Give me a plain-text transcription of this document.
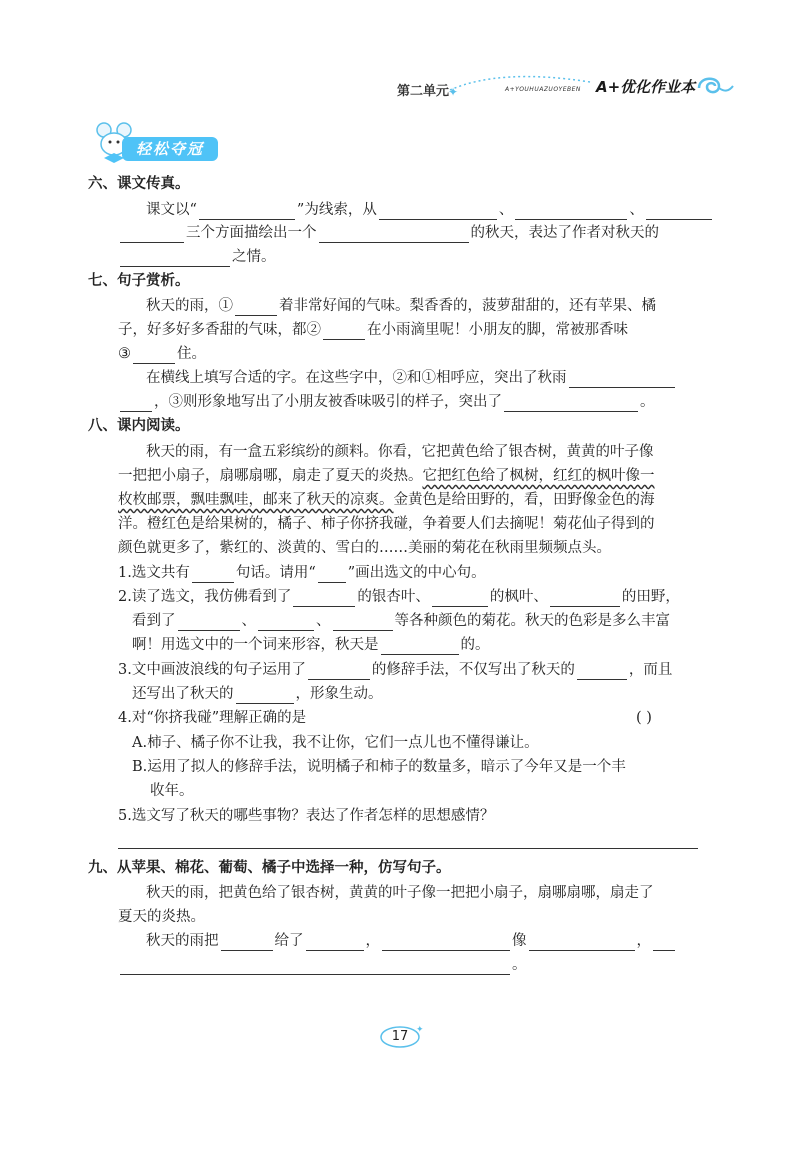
第二单元
✦	A+YOUHUAZUOYEBEN A+优化作业本
轻松夺冠
六、课文传真。
课文以“	”为线索，从	、	、
三个方面描绘出一个	的秋天，表达了作者对秋天的
之情。
七、句子赏析。
秋天的雨，①	着非常好闻的气味。梨香香的，菠萝甜甜的，还有苹果、橘
子，好多好多香甜的气味，都②	在小雨滴里呢！小朋友的脚，常被那香味
③	住。
在横线上填写合适的字。在这些字中，②和①相呼应，突出了秋雨
，③则形象地写出了小朋友被香味吸引的样子，突出了	。
八、课内阅读。
秋天的雨，有一盒五彩缤纷的颜料。你看，它把黄色给了银杏树，黄黄的叶子像
一把把小扇子，扇哪扇哪，扇走了夏天的炎热。它把红色给了枫树，红红的枫叶像一
枚枚邮票，飘哇飘哇，邮来了秋天的凉爽。金黄色是给田野的，看，田野像金色的海
洋。橙红色是给果树的，橘子、柿子你挤我碰，争着要人们去摘呢！菊花仙子得到的
颜色就更多了，紫红的、淡黄的、雪白的……美丽的菊花在秋雨里频频点头。
1.选文共有	句话。请用“ ”画出选文的中心句。
2.读了选文，我仿佛看到了	的银杏叶、	的枫叶、	的田野，
看到了	、	、	等各种颜色的菊花。秋天的色彩是多么丰富
啊！用选文中的一个词来形容，秋天是	的。
3.文中画波浪线的句子运用了	的修辞手法，不仅写出了秋天的	，而且
还写出了秋天的	，形象生动。
4.对“你挤我碰”理解正确的是	( )
A.柿子、橘子你不让我，我不让你，它们一点儿也不懂得谦让。
B.运用了拟人的修辞手法，说明橘子和柿子的数量多，暗示了今年又是一个丰
收年。
5.选文写了秋天的哪些事物？表达了作者怎样的思想感情？
九、从苹果、棉花、葡萄、橘子中选择一种，仿写句子。
秋天的雨，把黄色给了银杏树，黄黄的叶子像一把把小扇子，扇哪扇哪，扇走了
夏天的炎热。
秋天的雨把	给了	，	像	，
。
✦
17
